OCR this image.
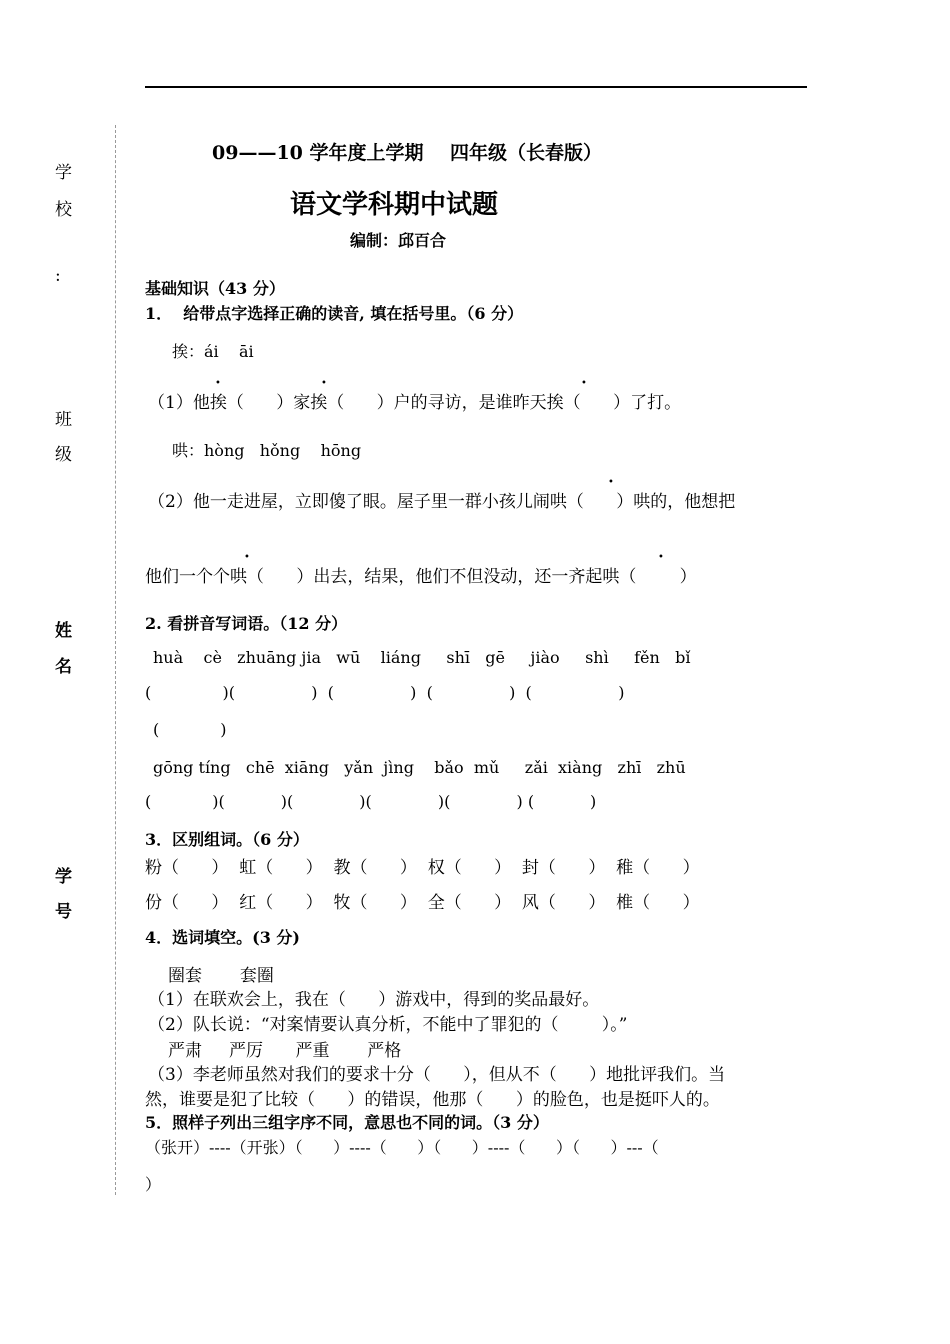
学
校
:
班
级
姓
名
学
号
09——10 学年度上学期    四年级（长春版）
语文学科期中试题
编制：邱百合
基础知识（43 分）
1．  给带点字选择正确的读音, 填在括号里。（6 分）
挨：ái    āi
（1）他挨（      ）家挨（      ）户的寻访，是谁昨天挨（      ）了打。
•	•	•
哄：hòng   hǒng    hōng
（2）他一走进屋，立即傻了眼。屋子里一群小孩儿闹哄（      ）哄的，他想把
•
他们一个个哄（      ）出去，结果，他们不但没动，还一齐起哄（        ）
•	•
2. 看拼音写词语。（12 分）
huà    cè   zhuāng jia   wū    liáng     shī   gē     jiào     shì     fěn   bǐ
(              )(               )  (               )  (               )  (                 )
(            )
gōng tíng   chē  xiāng   yǎn  jìng    bǎo  mǔ     zǎi  xiàng   zhī   zhū
(            )(           )(             )(             )(             ) (           )
3．区别组词。（6 分）
粉（      ）  虹（      ）  教（      ）  权（      ）  封（      ）  稚（      ）
份（      ）  红（      ）  牧（      ）  全（      ）  风（      ）  椎（      ）
4．选词填空。(3 分)
圈套       套圈
（1）在联欢会上，我在（      ）游戏中，得到的奖品最好。
（2）队长说：“对案情要认真分析，不能中了罪犯的（        ）。”
严肃     严厉      严重       严格
（3）李老师虽然对我们的要求十分（      ），但从不（      ）地批评我们。当
然，谁要是犯了比较（      ）的错误，他那（      ）的脸色，也是挺吓人的。
5．照样子列出三组字序不同，意思也不同的词。（3 分）
（张开）----（开张）（      ）----（      ）（      ）----（      ）（      ）---（
）
